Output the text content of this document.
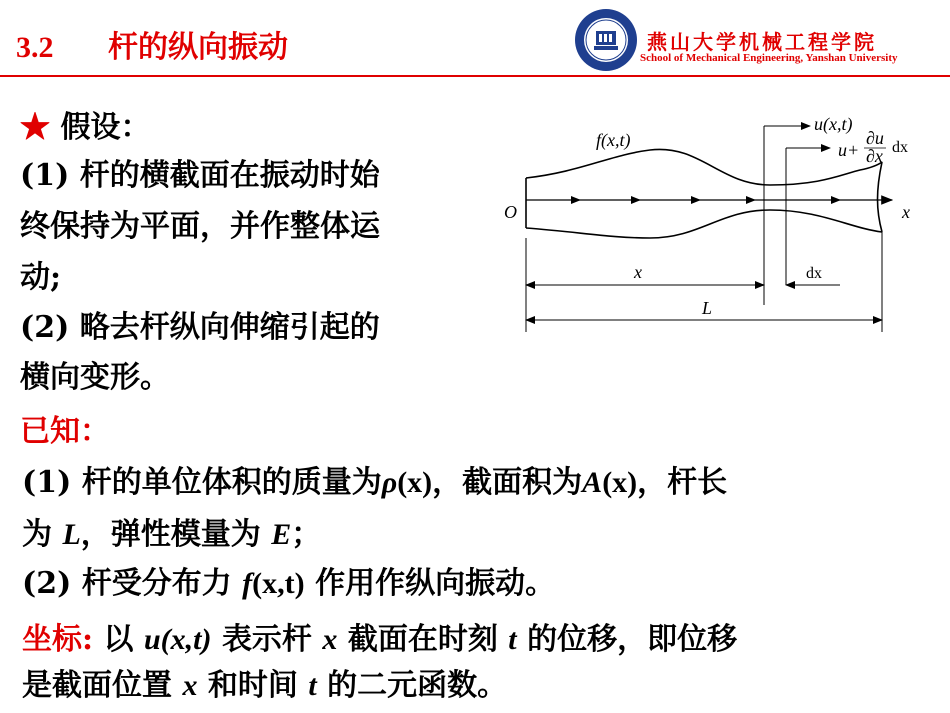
3.2 杆的纵向振动	燕山大学机械工程学院
School of Mechanical Engineering, Yanshan University
★ 假设：
(1) 杆的横截面在振动时始
终保持为平面，并作整体运
动;
(2) 略去杆纵向伸缩引起的
横向变形。
f(x,t)
u(x,t)
u+
∂u
∂x dx
O	x
x	dx
L
已知：
(1) 杆的单位体积的质量为ρ(x)，截面积为A(x)，杆长
为 L，弹性模量为 E；
(2) 杆受分布力 f(x,t) 作用作纵向振动。
坐标: 以 u(x,t) 表示杆 x 截面在时刻 t 的位移，即位移
是截面位置 x 和时间 t 的二元函数。
